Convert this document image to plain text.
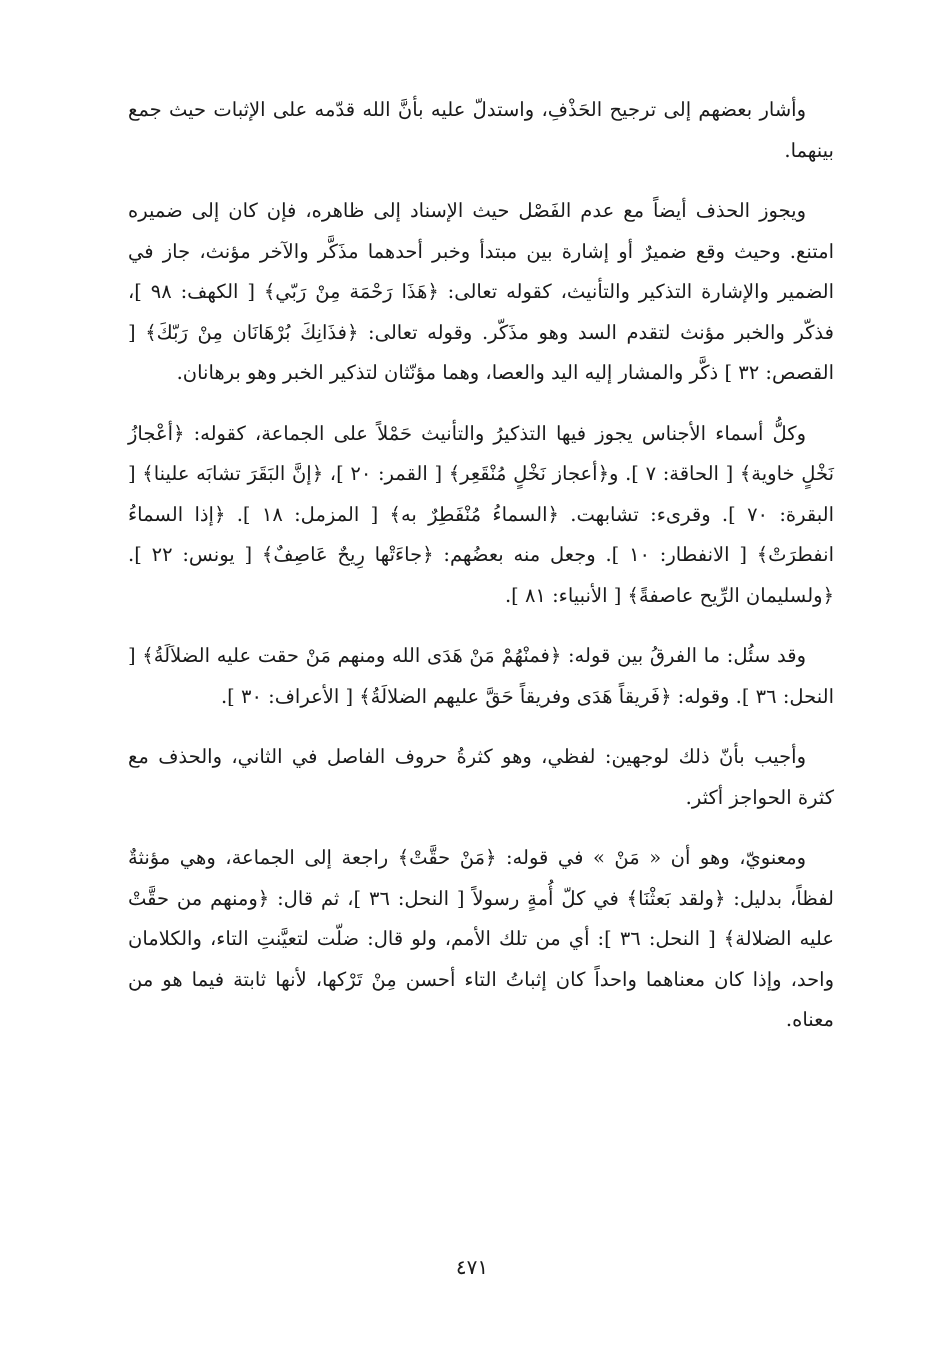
وأشار بعضهم إلى ترجيح الحَذْفِ، واستدلّ عليه بأنَّ الله قدّمه على الإثبات حيث جمع بينهما.

ويجوز الحذف أيضاً مع عدم الفَصْل حيث الإسناد إلى ظاهره، فإن كان إلى ضميره امتنع. وحيث وقع ضميرٌ أو إشارة بين مبتدأ وخبر أحدهما مذَكَّر والآخر مؤنث، جاز في الضمير والإشارة التذكير والتأنيث، كقوله تعالى: ﴿هَذَا رَحْمَة مِنْ رَبّي﴾ [ الكهف: ٩٨ ]، فذكّر والخبر مؤنث لتقدم السد وهو مذَكّر. وقوله تعالى: ﴿فذَانِكَ بُرْهَانَان مِنْ رَبّكَ﴾ [ القصص: ٣٢ ] ذكَّر والمشار إليه اليد والعصا، وهما مؤنّثان لتذكير الخبر وهو برهانان.

وكلُّ أسماء الأجناس يجوز فيها التذكيرُ والتأنيث حَمْلاً على الجماعة، كقوله: ﴿أعْجازُ نَخْلٍ خاوية﴾ [ الحاقة: ٧ ]. و﴿أعجاز نَخْلٍ مُنْقَعِر﴾ [ القمر: ٢٠ ]، ﴿إنَّ البَقَرَ تشابَه علينا﴾ [ البقرة: ٧٠ ]. وقرىء: تشابهت. ﴿السماءُ مُنْفَطِرٌ به﴾ [ المزمل: ١٨ ]. ﴿إذا السماءُ انفطرَتْ﴾ [ الانفطار: ١٠ ]. وجعل منه بعضُهم: ﴿جاءَتْها رِيحٌ عَاصِفٌ﴾ [ يونس: ٢٢ ]. ﴿ولسليمان الرِّيح عاصفةً﴾ [ الأنبياء: ٨١ ].

وقد سئُل: ما الفرقُ بين قوله: ﴿فمنْهُمْ مَنْ هَدَى الله ومنهم مَنْ حقت عليه الضلاَلَةُ﴾ [ النحل: ٣٦ ]. وقوله: ﴿فَريقاً هَدَى وفريقاً حَقَّ عليهم الضلالَةُ﴾ [ الأعراف: ٣٠ ].

وأجيب بأنّ ذلك لوجهين: لفظي، وهو كثرةُ حروف الفاصل في الثاني، والحذف مع كثرة الحواجز أكثر.

ومعنويّ، وهو أن « مَنْ » في قوله: ﴿مَنْ حقَّتْ﴾ راجعة إلى الجماعة، وهي مؤنثةٌ لفظاً، بدليل: ﴿ولقد بَعثْنَا﴾ في كلّ أُمةٍ رسولاً [ النحل: ٣٦ ]، ثم قال: ﴿ومنهم من حقَّتْ عليه الضلالة﴾ [ النحل: ٣٦ ]: أي من تلك الأمم، ولو قال: ضلّت لتعيَّنتِ التاء، والكلامان واحد، وإذا كان معناهما واحداً كان إثباتُ التاء أحسن مِنْ تَرْكها، لأنها ثابتة فيما هو من معناه.

٤٧١
